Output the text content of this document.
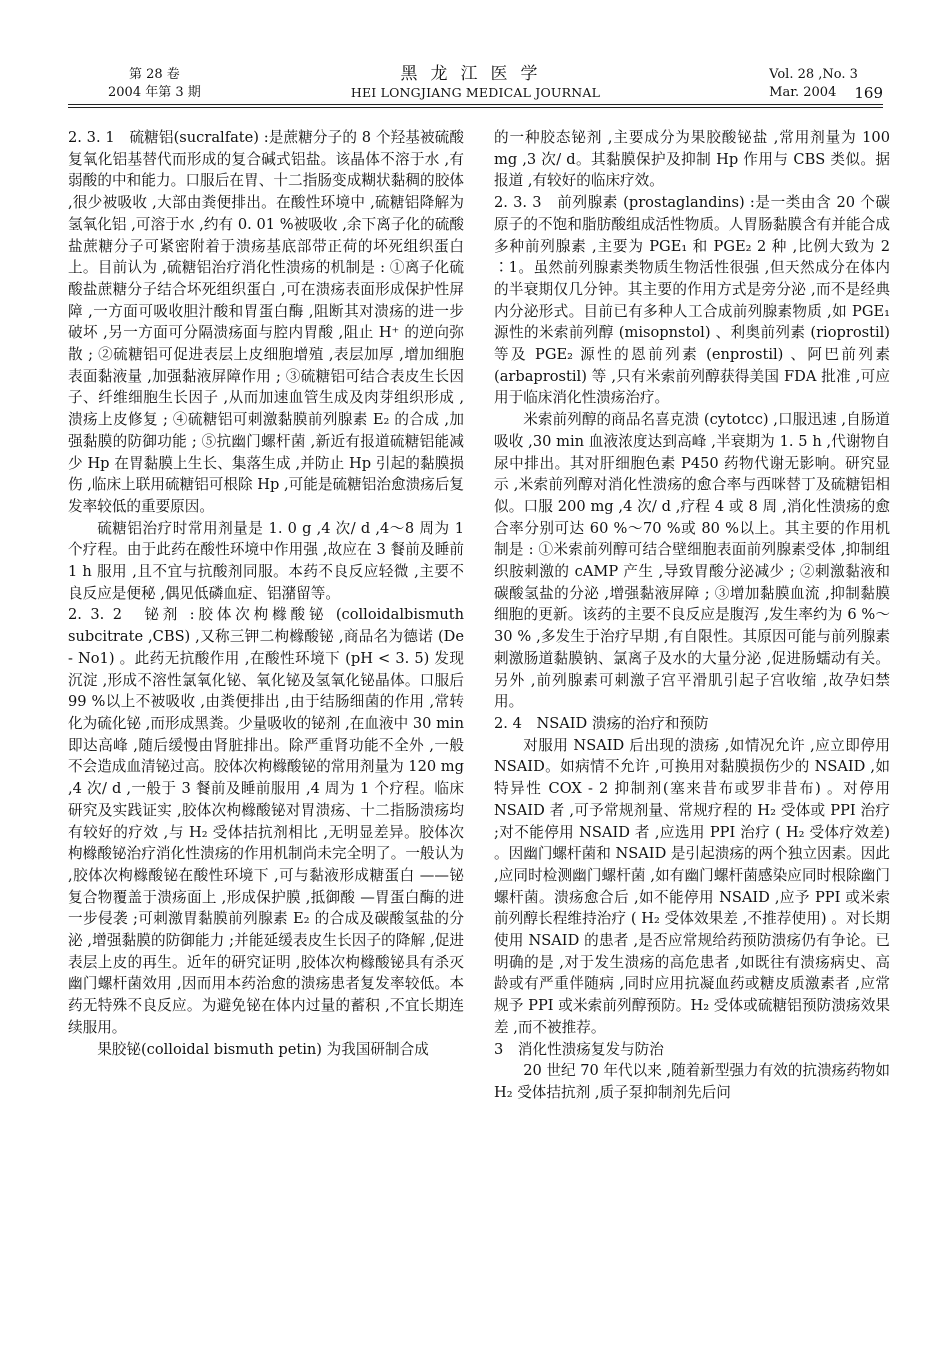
第 28 卷
2004 年第 3 期
黑龙江医学
HEI LONGJIANG MEDICAL JOURNAL
Vol. 28 ,No. 3
Mar. 2004 169

2. 3. 1　硫糖铝(sucralfate) :是蔗糖分子的 8 个羟基被硫酸复氧化铝基替代而形成的复合碱式铝盐。该晶体不溶于水 ,有弱酸的中和能力。口服后在胃、十二指肠变成糊状黏稠的胶体 ,很少被吸收 ,大部由粪便排出。在酸性环境中 ,硫糖铝降解为氢氧化铝 ,可溶于水 ,约有 0. 01 %被吸收 ,余下离子化的硫酸盐蔗糖分子可紧密附着于溃疡基底部带正荷的坏死组织蛋白上。目前认为 ,硫糖铝治疗消化性溃疡的机制是 : ①离子化硫酸盐蔗糖分子结合坏死组织蛋白 ,可在溃疡表面形成保护性屏障 ,一方面可吸收胆汁酸和胃蛋白酶 ,阻断其对溃疡的进一步破坏 ,另一方面可分隔溃疡面与腔内胃酸 ,阻止 H⁺ 的逆向弥散 ; ②硫糖铝可促进表层上皮细胞增殖 ,表层加厚 ,增加细胞表面黏液量 ,加强黏液屏障作用 ; ③硫糖铝可结合表皮生长因子、纤维细胞生长因子 ,从而加速血管生成及肉芽组织形成 ,溃疡上皮修复 ; ④硫糖铝可刺激黏膜前列腺素 E₂ 的合成 ,加强黏膜的防御功能 ; ⑤抗幽门螺杆菌 ,新近有报道硫糖铝能减少 Hp 在胃黏膜上生长、集落生成 ,并防止 Hp 引起的黏膜损伤 ,临床上联用硫糖铝可根除 Hp ,可能是硫糖铝治愈溃疡后复发率较低的重要原因。

硫糖铝治疗时常用剂量是 1. 0 g ,4 次/ d ,4～8 周为 1 个疗程。由于此药在酸性环境中作用强 ,故应在 3 餐前及睡前 1 h 服用 ,且不宜与抗酸剂同服。本药不良反应轻微 ,主要不良反应是便秘 ,偶见低磷血症、铝潴留等。

2. 3. 2　铋剂 :胶体次枸橼酸铋 (colloidalbismuth subcitrate ,CBS) ,又称三钾二枸橼酸铋 ,商品名为德诺 (De - No1) 。此药无抗酸作用 ,在酸性环境下 (pH < 3. 5) 发现沉淀 ,形成不溶性氯氧化铋、氧化铋及氢氧化铋晶体。口服后 99 %以上不被吸收 ,由粪便排出 ,由于结肠细菌的作用 ,常转化为硫化铋 ,而形成黑粪。少量吸收的铋剂 ,在血液中 30 min 即达高峰 ,随后缓慢由肾脏排出。除严重肾功能不全外 ,一般不会造成血清铋过高。胶体次枸橼酸铋的常用剂量为 120 mg ,4 次/ d ,一般于 3 餐前及睡前服用 ,4 周为 1 个疗程。临床研究及实践证实 ,胶体次枸橼酸铋对胃溃疡、十二指肠溃疡均有较好的疗效 ,与 H₂ 受体拮抗剂相比 ,无明显差异。胶体次枸橼酸铋治疗消化性溃疡的作用机制尚未完全明了。一般认为 ,胶体次枸橼酸铋在酸性环境下 ,可与黏液形成糖蛋白 ——铋复合物覆盖于溃疡面上 ,形成保护膜 ,抵御酸 —胃蛋白酶的进一步侵袭 ;可刺激胃黏膜前列腺素 E₂ 的合成及碳酸氢盐的分泌 ,增强黏膜的防御能力 ;并能延缓表皮生长因子的降解 ,促进表层上皮的再生。近年的研究证明 ,胶体次枸橼酸铋具有杀灭幽门螺杆菌效用 ,因而用本药治愈的溃疡患者复发率较低。本药无特殊不良反应。为避免铋在体内过量的蓄积 ,不宜长期连续服用。

果胶铋(colloidal bismuth petin) 为我国研制合成

的一种胶态铋剂 ,主要成分为果胶酸铋盐 ,常用剂量为 100 mg ,3 次/ d。其黏膜保护及抑制 Hp 作用与 CBS 类似。据报道 ,有较好的临床疗效。

2. 3. 3　前列腺素 (prostaglandins) :是一类由含 20 个碳原子的不饱和脂肪酸组成活性物质。人胃肠黏膜含有并能合成多种前列腺素 ,主要为 PGE₁ 和 PGE₂ 2 种 ,比例大致为 2 ∶1。虽然前列腺素类物质生物活性很强 ,但天然成分在体内的半衰期仅几分钟。其主要的作用方式是旁分泌 ,而不是经典内分泌形式。目前已有多种人工合成前列腺素物质 ,如 PGE₁ 源性的米索前列醇 (misopnstol) 、利奥前列素 (rioprostil) 等及 PGE₂ 源性的恩前列素 (enprostil) 、阿巴前列素 (arbaprostil) 等 ,只有米索前列醇获得美国 FDA 批准 ,可应用于临床消化性溃疡治疗。

米索前列醇的商品名喜克溃 (cytotcc) ,口服迅速 ,自肠道吸收 ,30 min 血液浓度达到高峰 ,半衰期为 1. 5 h ,代谢物自尿中排出。其对肝细胞色素 P450 药物代谢无影响。研究显示 ,米索前列醇对消化性溃疡的愈合率与西咪替丁及硫糖铝相似。口服 200 mg ,4 次/ d ,疗程 4 或 8 周 ,消化性溃疡的愈合率分别可达 60 %～70 %或 80 %以上。其主要的作用机制是 : ①米索前列醇可结合壁细胞表面前列腺素受体 ,抑制组织胺刺激的 cAMP 产生 ,导致胃酸分泌减少 ; ②刺激黏液和碳酸氢盐的分泌 ,增强黏液屏障 ; ③增加黏膜血流 ,抑制黏膜细胞的更新。该药的主要不良反应是腹泻 ,发生率约为 6 %～30 % ,多发生于治疗早期 ,有自限性。其原因可能与前列腺素刺激肠道黏膜钠、氯离子及水的大量分泌 ,促进肠蠕动有关。另外 ,前列腺素可刺激子宫平滑肌引起子宫收缩 ,故孕妇禁用。

2. 4　NSAID 溃疡的治疗和预防

对服用 NSAID 后出现的溃疡 ,如情况允许 ,应立即停用 NSAID。如病情不允许 ,可换用对黏膜损伤少的 NSAID ,如特异性 COX - 2 抑制剂(塞来昔布或罗非昔布) 。对停用 NSAID 者 ,可予常规剂量、常规疗程的 H₂ 受体或 PPI 治疗 ;对不能停用 NSAID 者 ,应选用 PPI 治疗 ( H₂ 受体疗效差) 。因幽门螺杆菌和 NSAID 是引起溃疡的两个独立因素。因此 ,应同时检测幽门螺杆菌 ,如有幽门螺杆菌感染应同时根除幽门螺杆菌。溃疡愈合后 ,如不能停用 NSAID ,应予 PPI 或米索前列醇长程维持治疗 ( H₂ 受体效果差 ,不推荐使用) 。对长期使用 NSAID 的患者 ,是否应常规给药预防溃疡仍有争论。已明确的是 ,对于发生溃疡的高危患者 ,如既往有溃疡病史、高龄或有严重伴随病 ,同时应用抗凝血药或糖皮质激素者 ,应常规予 PPI 或米索前列醇预防。H₂ 受体或硫糖铝预防溃疡效果差 ,而不被推荐。

3　消化性溃疡复发与防治

20 世纪 70 年代以来 ,随着新型强力有效的抗溃疡药物如 H₂ 受体拮抗剂 ,质子泵抑制剂先后问
